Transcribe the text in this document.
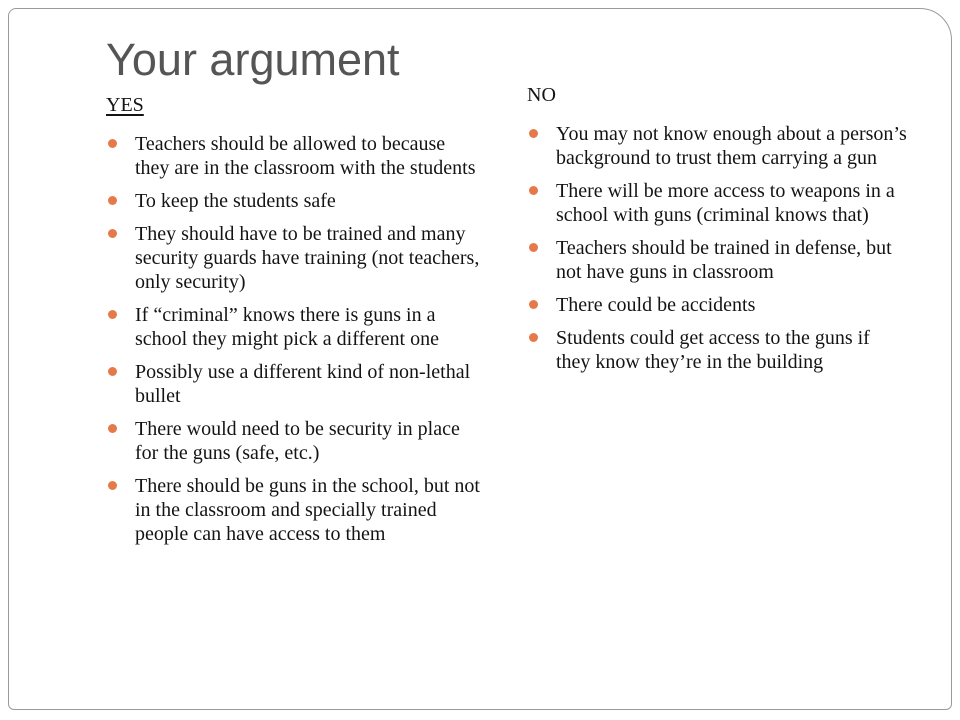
Your argument
YES
Teachers should be allowed to because they are in the classroom with the students
To keep the students safe
They should have to be trained and many security guards have training (not teachers, only security)
If “criminal” knows there is guns in a school they might pick a different one
Possibly use a different kind of non-lethal bullet
There would need to be security in place for the guns (safe, etc.)
There should be guns in the school, but not in the classroom and specially trained people can have access to them
NO
You may not know enough about a person’s background to trust them carrying a gun
There will be more access to weapons in a school with guns (criminal knows that)
Teachers should be trained in defense, but not have guns in classroom
There could be accidents
Students could get access to the guns if they know they’re in the building
